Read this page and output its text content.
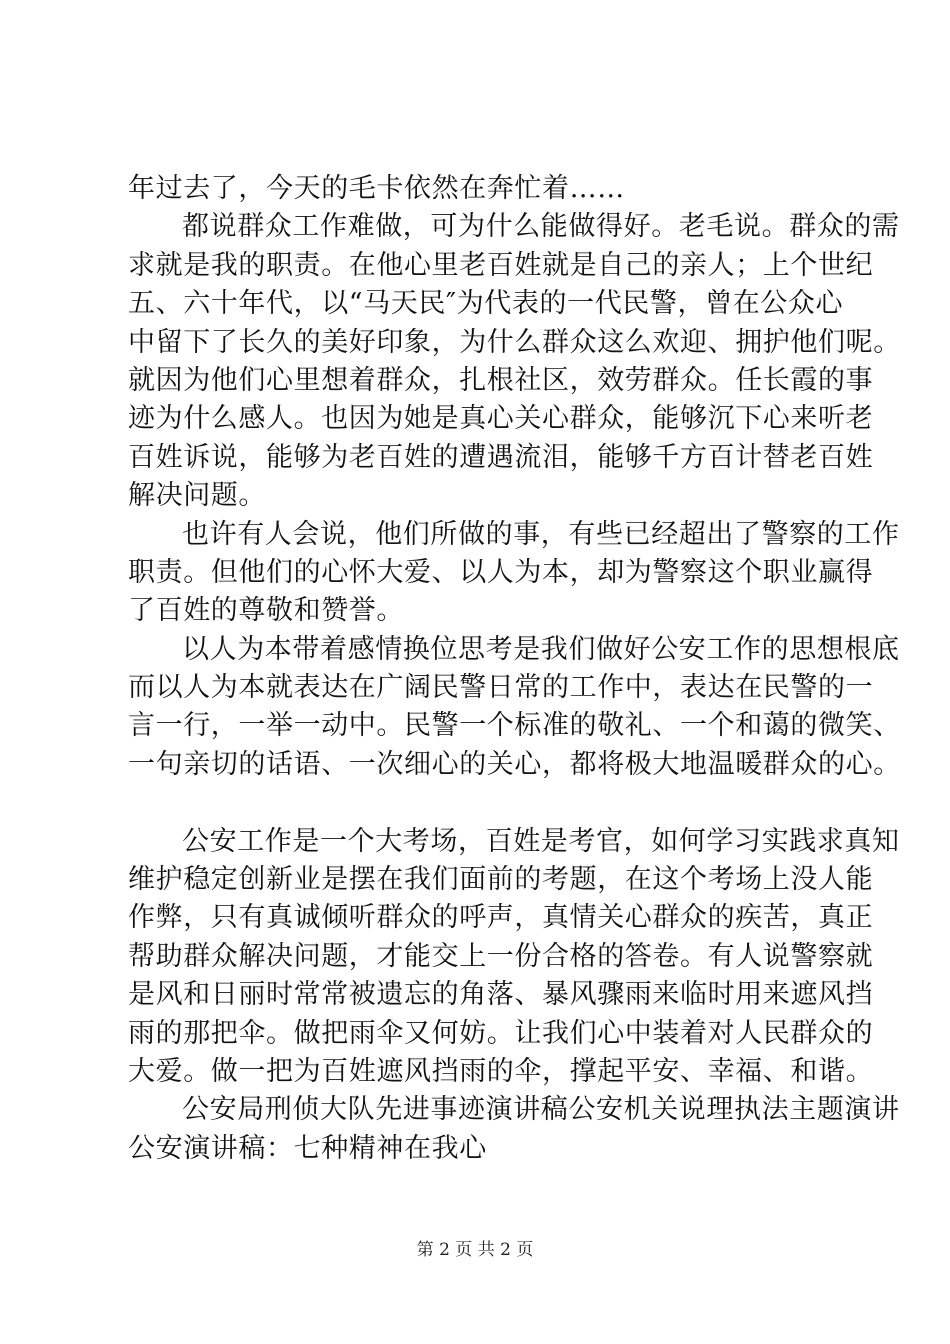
年过去了，今天的毛卡依然在奔忙着……
都说群众工作难做，可为什么能做得好。老毛说。群众的需
求就是我的职责。在他心里老百姓就是自己的亲人；上个世纪
五、六十年代，以“马天民″为代表的一代民警，曾在公众心
中留下了长久的美好印象，为什么群众这么欢迎、拥护他们呢。
就因为他们心里想着群众，扎根社区，效劳群众。任长霞的事
迹为什么感人。也因为她是真心关心群众，能够沉下心来听老
百姓诉说，能够为老百姓的遭遇流泪，能够千方百计替老百姓
解决问题。
也许有人会说，他们所做的事，有些已经超出了警察的工作
职责。但他们的心怀大爱、以人为本，却为警察这个职业赢得
了百姓的尊敬和赞誉。
以人为本带着感情换位思考是我们做好公安工作的思想根底
而以人为本就表达在广阔民警日常的工作中，表达在民警的一
言一行，一举一动中。民警一个标准的敬礼、一个和蔼的微笑、
一句亲切的话语、一次细心的关心，都将极大地温暖群众的心。
公安工作是一个大考场，百姓是考官，如何学习实践求真知
维护稳定创新业是摆在我们面前的考题，在这个考场上没人能
作弊，只有真诚倾听群众的呼声，真情关心群众的疾苦，真正
帮助群众解决问题，才能交上一份合格的答卷。有人说警察就
是风和日丽时常常被遗忘的角落、暴风骤雨来临时用来遮风挡
雨的那把伞。做把雨伞又何妨。让我们心中装着对人民群众的
大爱。做一把为百姓遮风挡雨的伞，撑起平安、幸福、和谐。
公安局刑侦大队先进事迹演讲稿公安机关说理执法主题演讲
公安演讲稿：七种精神在我心
第 2 页 共 2 页
